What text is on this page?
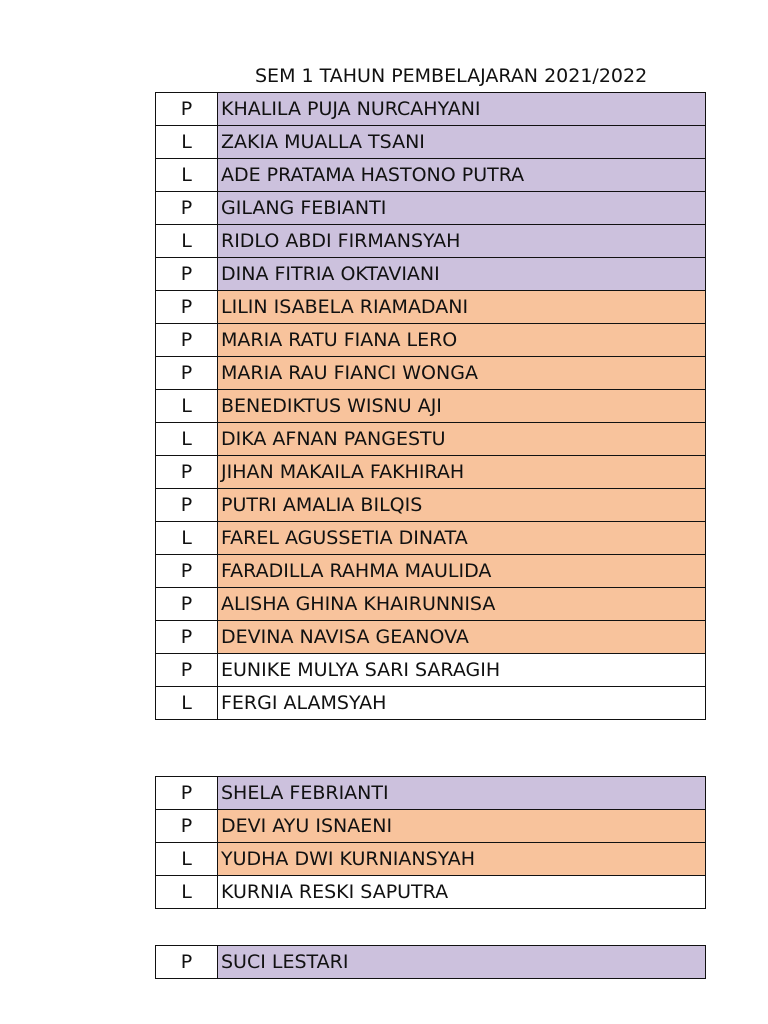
SEM 1 TAHUN PEMBELAJARAN 2021/2022
P	KHALILA PUJA NURCAHYANI
L	ZAKIA MUALLA TSANI
L	ADE PRATAMA HASTONO PUTRA
P	GILANG FEBIANTI
L	RIDLO ABDI FIRMANSYAH
P	DINA FITRIA OKTAVIANI
P	LILIN ISABELA RIAMADANI
P	MARIA RATU FIANA LERO
P	MARIA RAU FIANCI WONGA
L	BENEDIKTUS WISNU AJI
L	DIKA AFNAN PANGESTU
P	JIHAN MAKAILA FAKHIRAH
P	PUTRI AMALIA BILQIS
L	FAREL AGUSSETIA DINATA
P	FARADILLA RAHMA MAULIDA
P	ALISHA GHINA KHAIRUNNISA
P	DEVINA NAVISA GEANOVA
P	EUNIKE MULYA SARI SARAGIH
L	FERGI ALAMSYAH
P	SHELA FEBRIANTI
P	DEVI AYU ISNAENI
L	YUDHA DWI KURNIANSYAH
L	KURNIA RESKI SAPUTRA
P	SUCI LESTARI
